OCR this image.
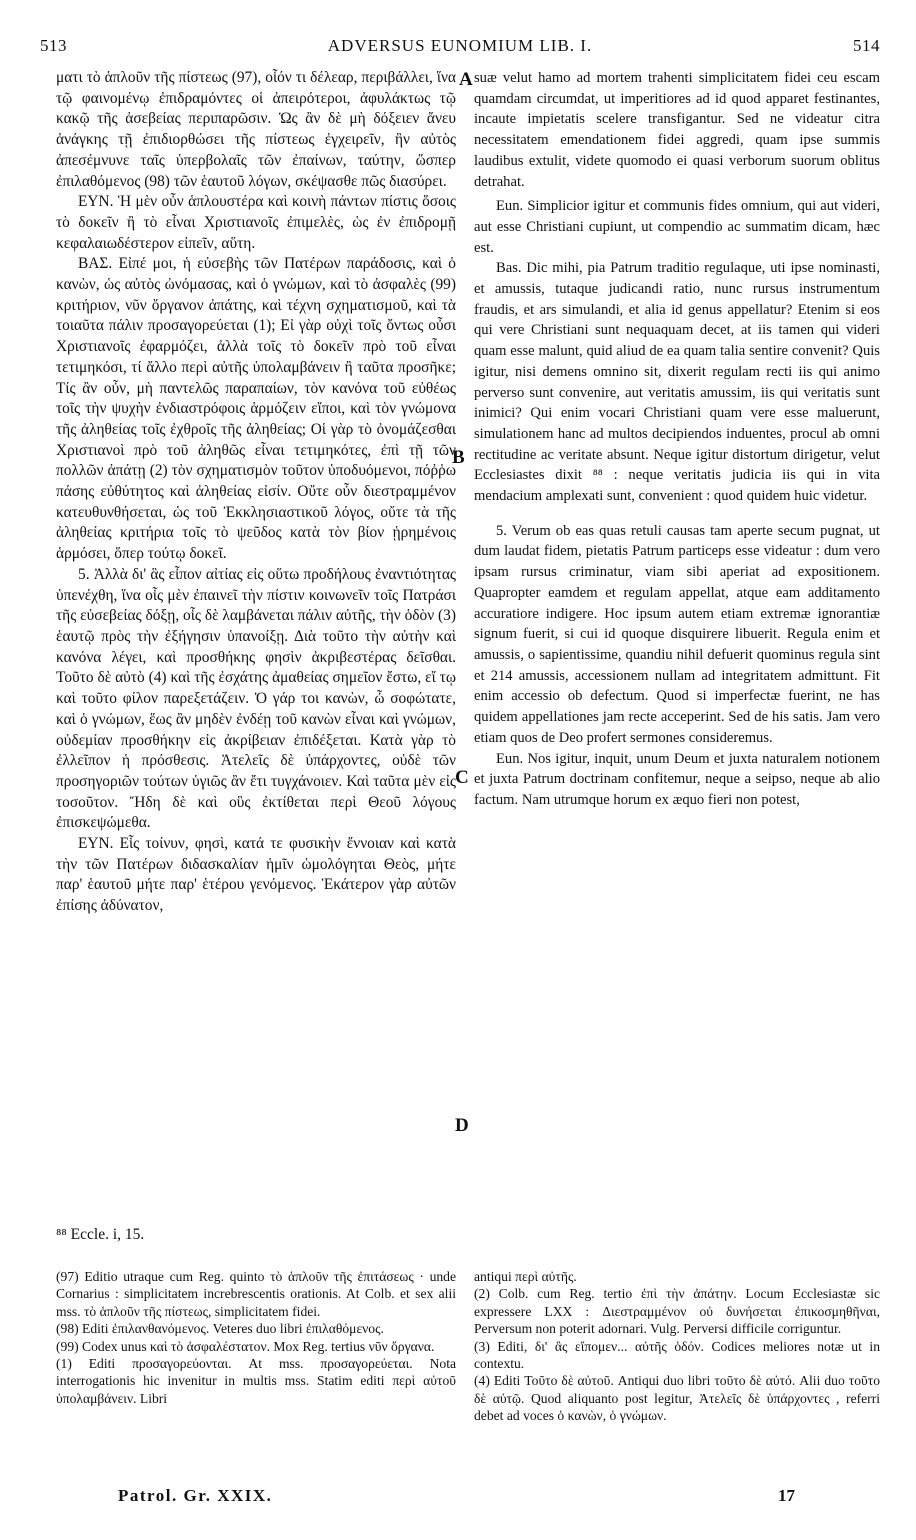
513	ADVERSUS EUNOMIUM LIB. I.	514
A
B
C
D

ματι τὸ ἁπλοῦν τῆς πίστεως (97), οἷόν τι δέλεαρ, περιβάλλει, ἵνα τῷ φαινομένῳ ἐπιδραμόντες οἱ ἀπειρότεροι, ἀφυλάκτως τῷ κακῷ τῆς ἀσεβείας περιπαρῶσιν. Ὡς ἂν δὲ μὴ δόξειεν ἄνευ ἀνάγκης τῇ ἐπιδιορθώσει τῆς πίστεως ἐγχειρεῖν, ἣν αὐτὸς ἀπεσέμνυνε ταῖς ὑπερβολαῖς τῶν ἐπαίνων, ταύτην, ὥσπερ ἐπιλαθόμενος (98) τῶν ἑαυτοῦ λόγων, σκέψασθε πῶς διασύρει.

ΕΥΝ. Ἡ μὲν οὖν ἁπλουστέρα καὶ κοινὴ πάντων πίστις ὅσοις τὸ δοκεῖν ἢ τὸ εἶναι Χριστιανοῖς ἐπιμελὲς, ὡς ἐν ἐπιδρομῇ κεφαλαιωδέστερον εἰπεῖν, αὕτη.

ΒΑΣ. Εἰπέ μοι, ἡ εὐσεβὴς τῶν Πατέρων παράδοσις, καὶ ὁ κανὼν, ὡς αὐτὸς ὠνόμασας, καὶ ὁ γνώμων, καὶ τὸ ἀσφαλὲς (99) κριτήριον, νῦν ὄργανον ἀπάτης, καὶ τέχνη σχηματισμοῦ, καὶ τὰ τοιαῦτα πάλιν προσαγορεύεται (1); Εἰ γὰρ οὐχὶ τοῖς ὄντως οὖσι Χριστιανοῖς ἐφαρμόζει, ἀλλὰ τοῖς τὸ δοκεῖν πρὸ τοῦ εἶναι τετιμηκόσι, τί ἄλλο περὶ αὐτῆς ὑπολαμβάνειν ἢ ταῦτα προσῆκε; Τίς ἂν οὖν, μὴ παντελῶς παραπαίων, τὸν κανόνα τοῦ εὐθέως τοῖς τὴν ψυχὴν ἐνδιαστρόφοις ἁρμόζειν εἴποι, καὶ τὸν γνώμονα τῆς ἀληθείας τοῖς ἐχθροῖς τῆς ἀληθείας; Οἱ γὰρ τὸ ὀνομάζεσθαι Χριστιανοὶ πρὸ τοῦ ἀληθῶς εἶναι τετιμηκότες, ἐπὶ τῇ τῶν πολλῶν ἀπάτῃ (2) τὸν σχηματισμὸν τοῦτον ὑποδυόμενοι, πόῤῥω πάσης εὐθύτητος καὶ ἀληθείας εἰσίν. Οὔτε οὖν διεστραμμένον κατευθυνθήσεται, ὡς τοῦ Ἐκκλησιαστικοῦ λόγος, οὔτε τὰ τῆς ἀληθείας κριτήρια τοῖς τὸ ψεῦδος κατὰ τὸν βίον ᾑρημένοις ἁρμόσει, ὅπερ τούτῳ δοκεῖ.

5. Ἀλλὰ δι' ἃς εἶπον αἰτίας εἰς οὕτω προδήλους ἐναντιότητας ὑπενέχθη, ἵνα οἷς μὲν ἐπαινεῖ τὴν πίστιν κοινωνεῖν τοῖς Πατράσι τῆς εὐσεβείας δόξῃ, οἷς δὲ λαμβάνεται πάλιν αὐτῆς, τὴν ὁδὸν (3) ἑαυτῷ πρὸς τὴν ἐξήγησιν ὑπανοίξῃ. Διὰ τοῦτο τὴν αὐτὴν καὶ κανόνα λέγει, καὶ προσθήκης φησὶν ἀκριβεστέρας δεῖσθαι. Τοῦτο δὲ αὐτὸ (4) καὶ τῆς ἐσχάτης ἀμαθείας σημεῖον ἔστω, εἴ τῳ καὶ τοῦτο φίλον παρεξετάζειν. Ὁ γάρ τοι κανὼν, ὦ σοφώτατε, καὶ ὁ γνώμων, ἕως ἂν μηδὲν ἐνδέῃ τοῦ κανὼν εἶναι καὶ γνώμων, οὐδεμίαν προσθήκην εἰς ἀκρίβειαν ἐπιδέξεται. Κατὰ γὰρ τὸ ἐλλεῖπον ἡ πρόσθεσις. Ἀτελεῖς δὲ ὑπάρχοντες, οὐδὲ τῶν προσηγοριῶν τούτων ὑγιῶς ἂν ἔτι τυγχάνοιεν. Καὶ ταῦτα μὲν εἰς τοσοῦτον. Ἤδη δὲ καὶ οὓς ἐκτίθεται περὶ Θεοῦ λόγους ἐπισκεψώμεθα.

ΕΥΝ. Εἷς τοίνυν, φησὶ, κατά τε φυσικὴν ἔννοιαν καὶ κατὰ τὴν τῶν Πατέρων διδασκαλίαν ἡμῖν ὡμολόγηται Θεὸς, μήτε παρ' ἑαυτοῦ μήτε παρ' ἑτέρου γενόμενος. Ἑκάτερον γὰρ αὐτῶν ἐπίσης ἀδύνατον,

suæ velut hamo ad mortem trahenti simplicitatem fidei ceu escam quamdam circumdat, ut imperitiores ad id quod apparet festinantes, incaute impietatis scelere transfigantur. Sed ne videatur citra necessitatem emendationem fidei aggredi, quam ipse summis laudibus extulit, videte quomodo ei quasi verborum suorum oblitus detrahat.

Eun. Simplicior igitur et communis fides omnium, qui aut videri, aut esse Christiani cupiunt, ut compendio ac summatim dicam, hæc est.

Bas. Dic mihi, pia Patrum traditio regulaque, uti ipse nominasti, et amussis, tutaque judicandi ratio, nunc rursus instrumentum fraudis, et ars simulandi, et alia id genus appellatur? Etenim si eos qui vere Christiani sunt nequaquam decet, at iis tamen qui videri quam esse malunt, quid aliud de ea quam talia sentire convenit? Quis igitur, nisi demens omnino sit, dixerit regulam recti iis qui animo perverso sunt convenire, aut veritatis amussim, iis qui veritatis sunt inimici? Qui enim vocari Christiani quam vere esse maluerunt, simulationem hanc ad multos decipiendos induentes, procul ab omni rectitudine ac veritate absunt. Neque igitur distortum dirigetur, velut Ecclesiastes dixit ⁸⁸ : neque veritatis judicia iis qui in vita mendacium amplexati sunt, convenient : quod quidem huic videtur.

5. Verum ob eas quas retuli causas tam aperte secum pugnat, ut dum laudat fidem, pietatis Patrum particeps esse videatur : dum vero ipsam rursus criminatur, viam sibi aperiat ad expositionem. Quapropter eamdem et regulam appellat, atque eam additamento accuratiore indigere. Hoc ipsum autem etiam extremæ ignorantiæ signum fuerit, si cui id quoque disquirere libuerit. Regula enim et amussis, o sapientissime, quandiu nihil defuerit quominus regula sint et 214 amussis, accessionem nullam ad integritatem admittunt. Fit enim accessio ob defectum. Quod si imperfectæ fuerint, ne has quidem appellationes jam recte acceperint. Sed de his satis. Jam vero etiam quos de Deo profert sermones consideremus.

Eun. Nos igitur, inquit, unum Deum et juxta naturalem notionem et juxta Patrum doctrinam confitemur, neque a seipso, neque ab alio factum. Nam utrumque horum ex æquo fieri non potest,

⁸⁸ Eccle. i, 15.

(97) Editio utraque cum Reg. quinto τὸ ἁπλοῦν τῆς ἐπιτάσεως · unde Cornarius : simplicitatem increbrescentis orationis. At Colb. et sex alii mss. τὸ ἁπλοῦν τῆς πίστεως, simplicitatem fidei.

(98) Editi ἐπιλανθανόμενος. Veteres duo libri ἐπιλαθόμενος.

(99) Codex unus καὶ τὸ ἀσφαλέστατον. Mox Reg. tertius νῦν ὄργανα.

(1) Editi προσαγορεύονται. At mss. προσαγορεύεται. Nota interrogationis hic invenitur in multis mss. Statim editi περὶ αὐτοῦ ὑπολαμβάνειν. Libri

antiqui περὶ αὐτῆς.

(2) Colb. cum Reg. tertio ἐπὶ τὴν ἀπάτην. Locum Ecclesiastæ sic expressere LXX : Διεστραμμένον οὐ δυνήσεται ἐπικοσμηθῆναι, Perversum non poterit adornari. Vulg. Perversi difficile corriguntur.

(3) Editi, δι' ἃς εἴπομεν... αὐτῆς ὁδόν. Codices meliores notæ ut in contextu.

(4) Editi Τοῦτο δὲ αὐτοῦ. Antiqui duo libri τοῦτο δὲ αὐτό. Alii duo τοῦτο δὲ αὐτῷ. Quod aliquanto post legitur, Ἀτελεῖς δὲ ὑπάρχοντες , referri debet ad voces ὁ κανὼν, ὁ γνώμων.

Patrol. Gr. XXIX.	17
